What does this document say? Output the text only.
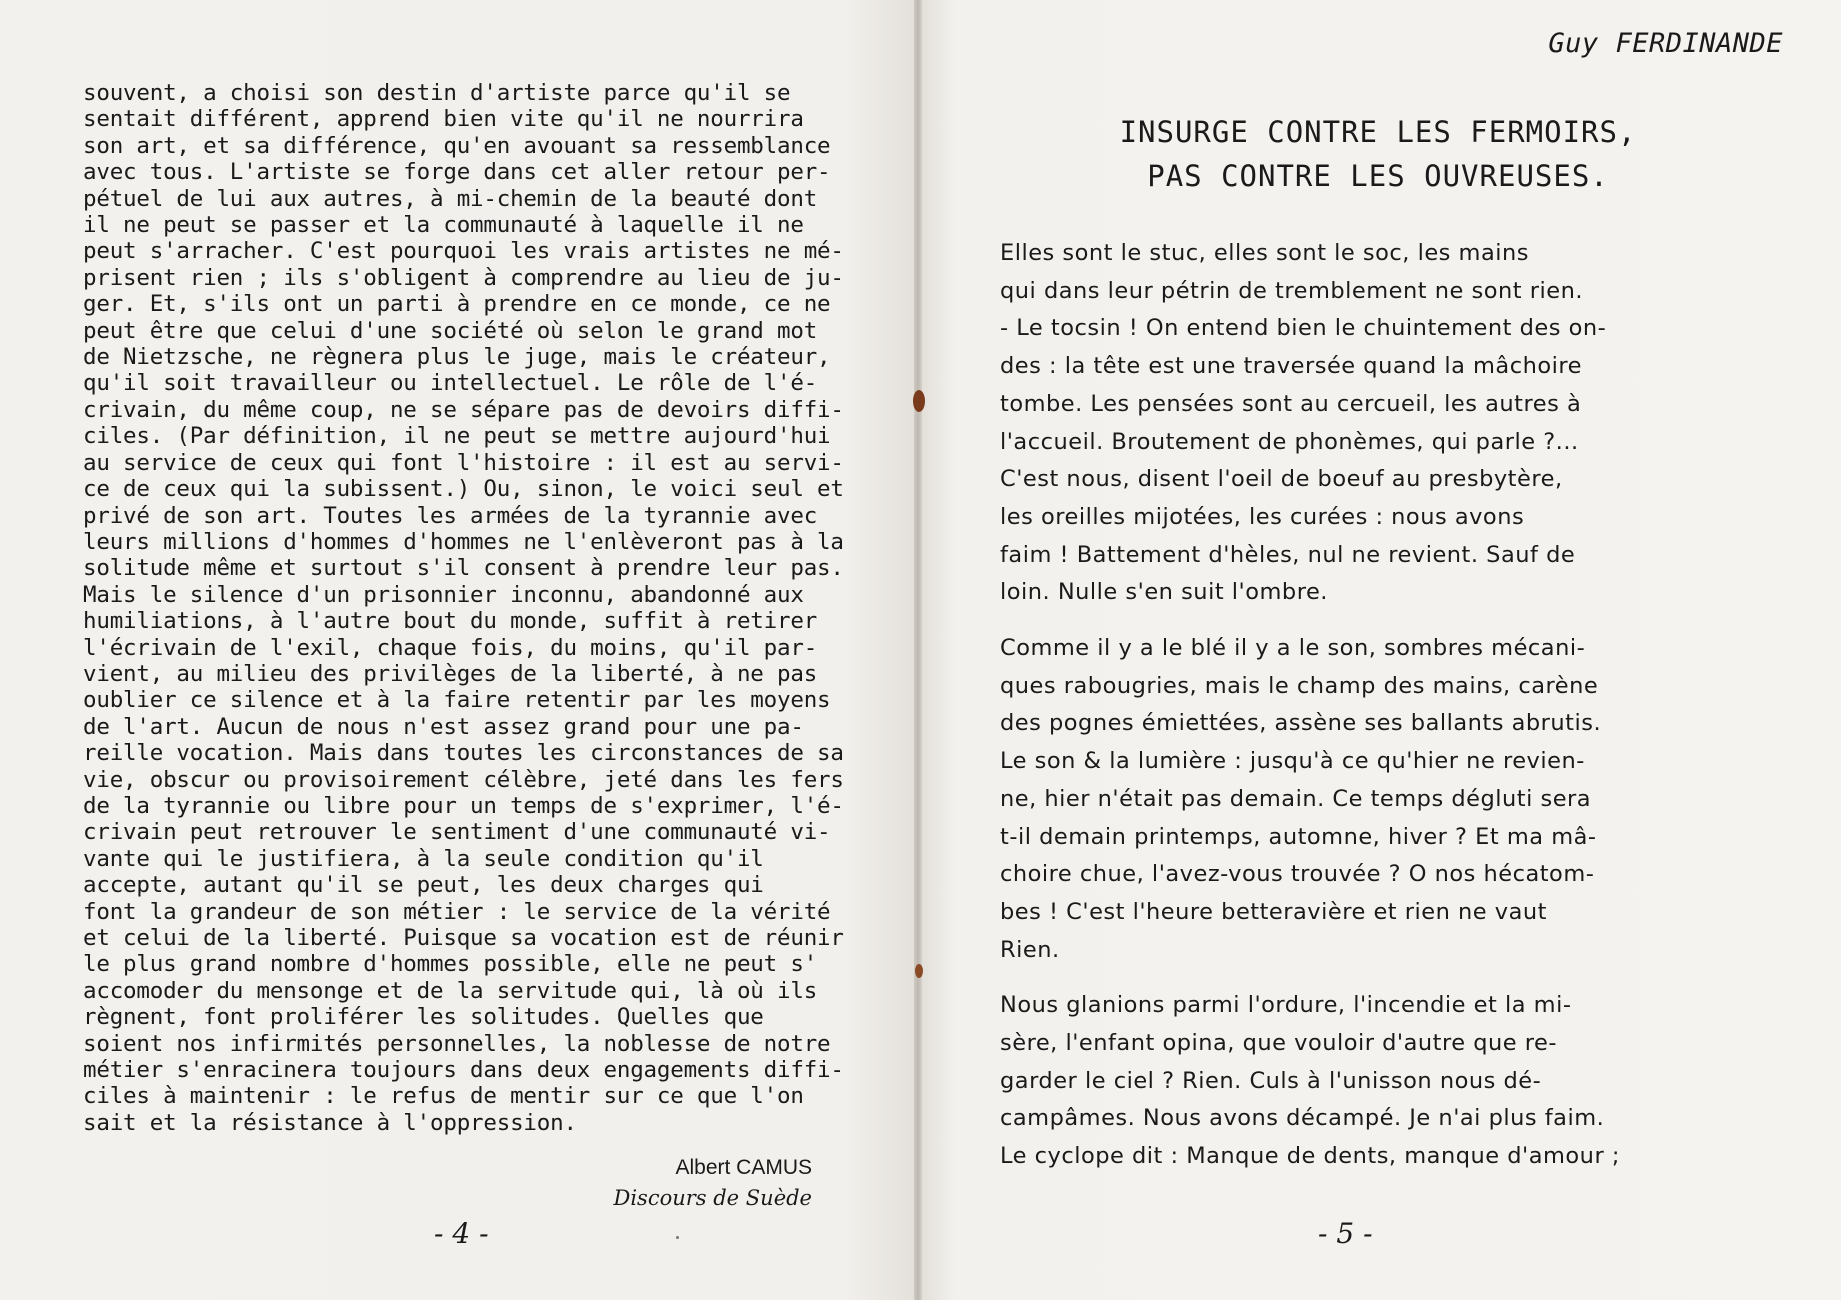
souvent, a choisi son destin d'artiste parce qu'il se
sentait différent, apprend bien vite qu'il ne nourrira
son art, et sa différence, qu'en avouant sa ressemblance
avec tous. L'artiste se forge dans cet aller retour per-
pétuel de lui aux autres, à mi-chemin de la beauté dont
il ne peut se passer et la communauté à laquelle il ne
peut s'arracher. C'est pourquoi les vrais artistes ne mé-
prisent rien ; ils s'obligent à comprendre au lieu de ju-
ger. Et, s'ils ont un parti à prendre en ce monde, ce ne
peut être que celui d'une société où selon le grand mot
de Nietzsche, ne règnera plus le juge, mais le créateur,
qu'il soit travailleur ou intellectuel. Le rôle de l'é-
crivain, du même coup, ne se sépare pas de devoirs diffi-
ciles. (Par définition, il ne peut se mettre aujourd'hui
au service de ceux qui font l'histoire : il est au servi-
ce de ceux qui la subissent.) Ou, sinon, le voici seul et
privé de son art. Toutes les armées de la tyrannie avec
leurs millions d'hommes d'hommes ne l'enlèveront pas à la
solitude même et surtout s'il consent à prendre leur pas.
Mais le silence d'un prisonnier inconnu, abandonné aux
humiliations, à l'autre bout du monde, suffit à retirer
l'écrivain de l'exil, chaque fois, du moins, qu'il par-
vient, au milieu des privilèges de la liberté, à ne pas
oublier ce silence et à la faire retentir par les moyens
de l'art. Aucun de nous n'est assez grand pour une pa-
reille vocation. Mais dans toutes les circonstances de sa
vie, obscur ou provisoirement célèbre, jeté dans les fers
de la tyrannie ou libre pour un temps de s'exprimer, l'é-
crivain peut retrouver le sentiment d'une communauté vi-
vante qui le justifiera, à la seule condition qu'il
accepte, autant qu'il se peut, les deux charges qui
font la grandeur de son métier : le service de la vérité
et celui de la liberté. Puisque sa vocation est de réunir
le plus grand nombre d'hommes possible, elle ne peut s'
accomoder du mensonge et de la servitude qui, là où ils
règnent, font proliférer les solitudes. Quelles que
soient nos infirmités personnelles, la noblesse de notre
métier s'enracinera toujours dans deux engagements diffi-
ciles à maintenir : le refus de mentir sur ce que l'on
sait et la résistance à l'oppression.
Albert CAMUS
Discours de Suède
- 4 -
Guy FERDINANDE
INSURGE CONTRE LES FERMOIRS,
PAS CONTRE LES OUVREUSES.
Elles sont le stuc, elles sont le soc, les mains
qui dans leur pétrin de tremblement ne sont rien.
- Le tocsin ! On entend bien le chuintement des on-
des : la tête est une traversée quand la mâchoire
tombe. Les pensées sont au cercueil, les autres à
l'accueil. Broutement de phonèmes, qui parle ?...
C'est nous, disent l'oeil de boeuf au presbytère,
les oreilles mijotées, les curées : nous avons
faim ! Battement d'hèles, nul ne revient. Sauf de
loin. Nulle s'en suit l'ombre.
Comme il y a le blé il y a le son, sombres mécani-
ques rabougries, mais le champ des mains, carène
des pognes émiettées, assène ses ballants abrutis.
Le son & la lumière : jusqu'à ce qu'hier ne revien-
ne, hier n'était pas demain. Ce temps dégluti sera
t-il demain printemps, automne, hiver ? Et ma mâ-
choire chue, l'avez-vous trouvée ? O nos hécatom-
bes ! C'est l'heure betteravière et rien ne vaut
Rien.
Nous glanions parmi l'ordure, l'incendie et la mi-
sère, l'enfant opina, que vouloir d'autre que re-
garder le ciel ? Rien. Culs à l'unisson nous dé-
campâmes. Nous avons décampé. Je n'ai plus faim.
Le cyclope dit : Manque de dents, manque d'amour ;
- 5 -
